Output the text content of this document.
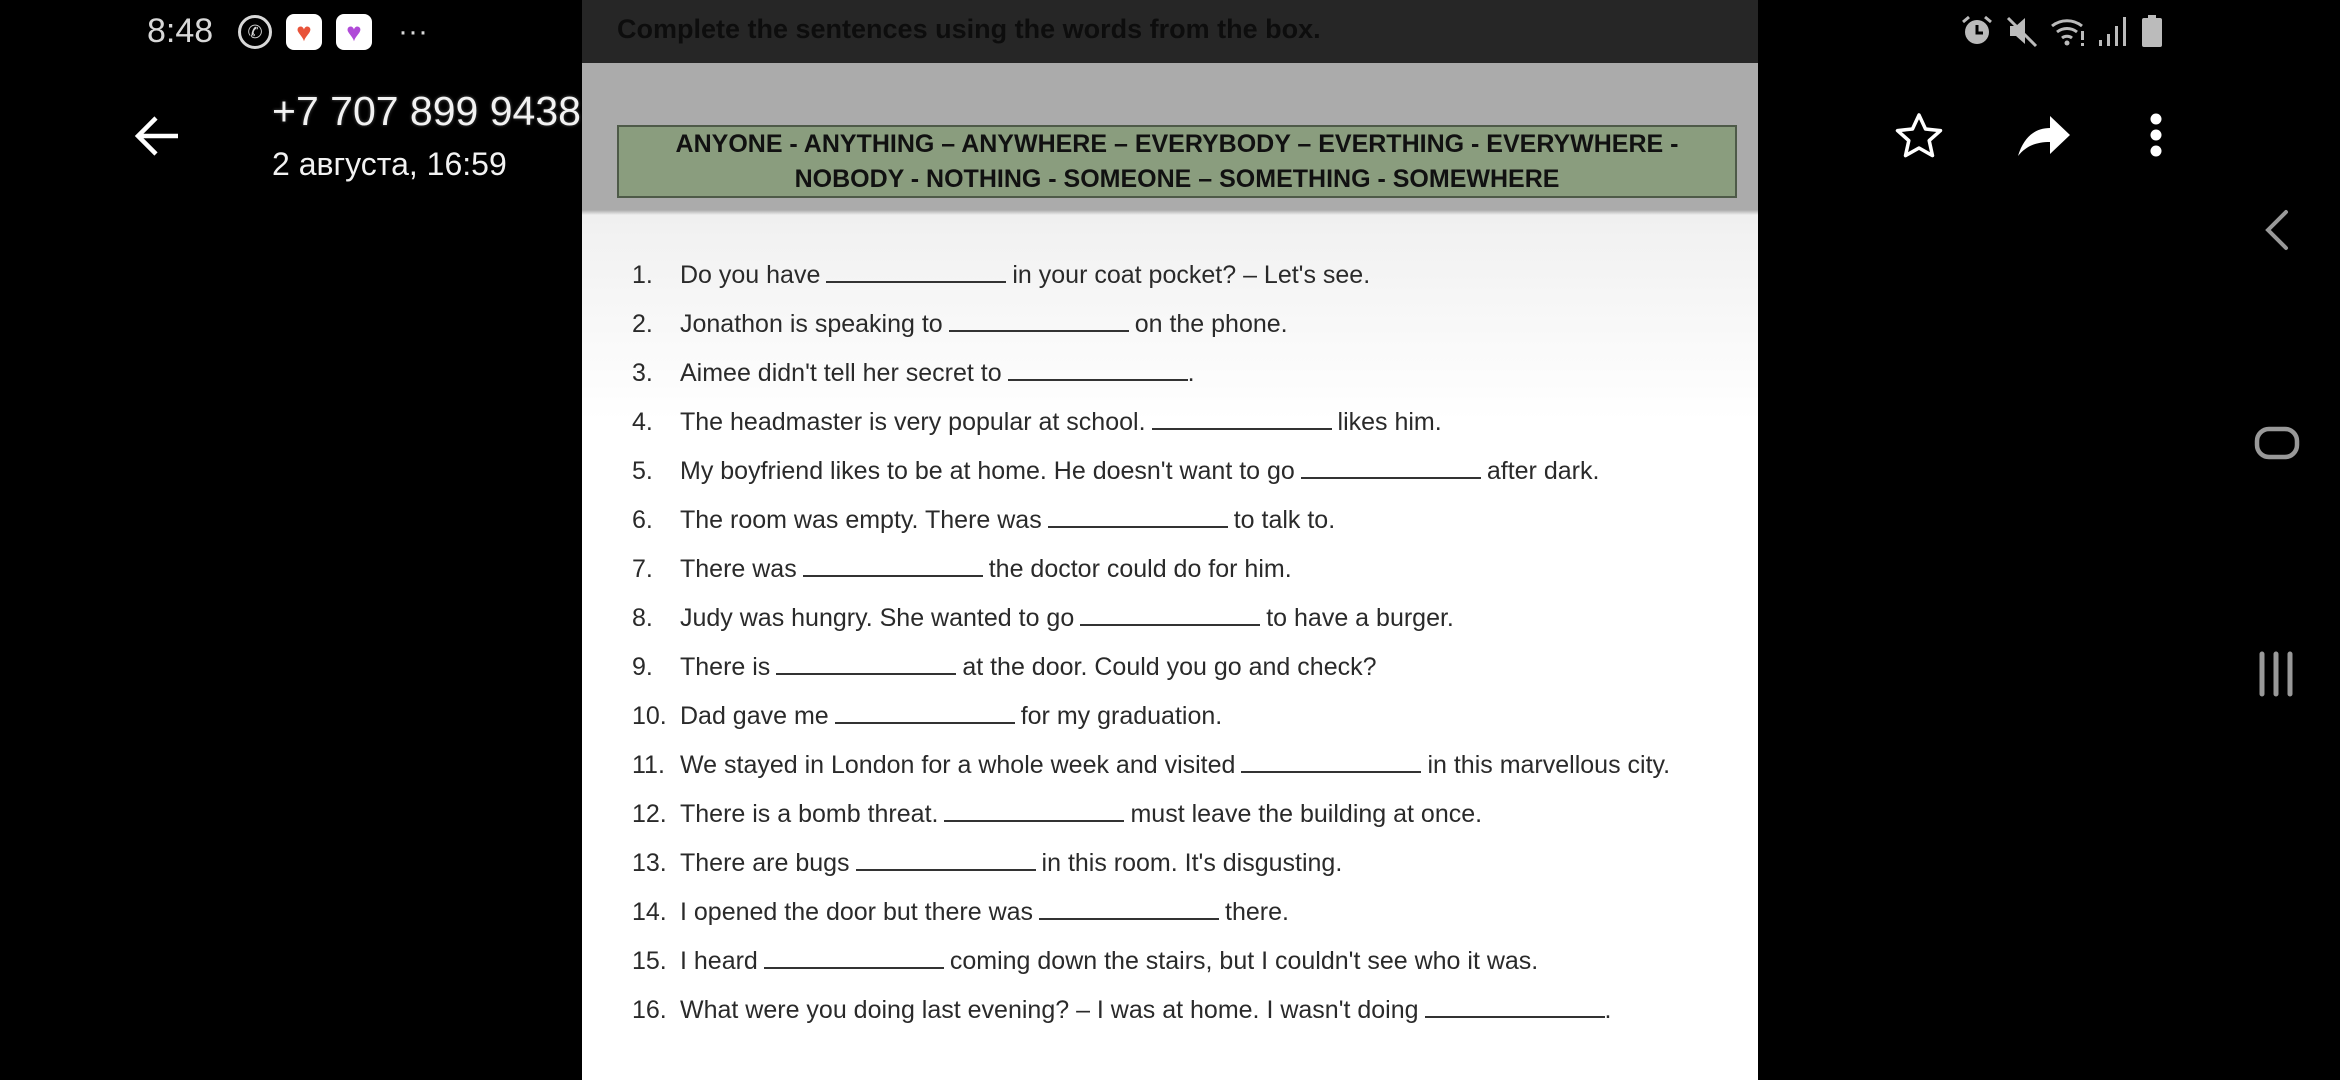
8:48	✆	♥	♥	···
+7 707 899 9438
2 августа, 16:59
Complete the sentences using the words from the box.
ANYONE - ANYTHING – ANYWHERE – EVERYBODY – EVERTHING - EVERYWHERE -
NOBODY - NOTHING - SOMEONE – SOMETHING - SOMEWHERE
1.	Do you have	in your coat pocket? – Let's see.
2.	Jonathon is speaking to	on the phone.
3.	Aimee didn't tell her secret to	.
4.	The headmaster is very popular at school.	likes him.
5.	My boyfriend likes to be at home. He doesn't want to go	after dark.
6.	The room was empty. There was	to talk to.
7.	There was	the doctor could do for him.
8.	Judy was hungry. She wanted to go	to have a burger.
9.	There is	at the door. Could you go and check?
10. Dad gave me	for my graduation.
11. We stayed in London for a whole week and visited	in this marvellous city.
12. There is a bomb threat.	must leave the building at once.
13. There are bugs	in this room. It's disgusting.
14. I opened the door but there was	there.
15. I heard	coming down the stairs, but I couldn't see who it was.
16. What were you doing last evening? – I was at home. I wasn't doing	.
